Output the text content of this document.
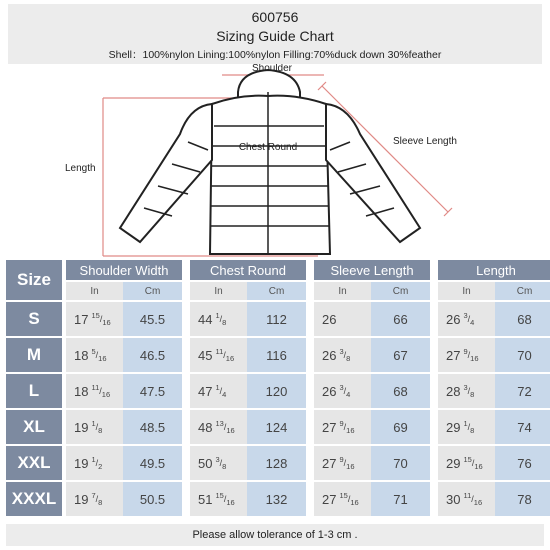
600756
Sizing Guide Chart
Shell：100%nylon Lining:100%nylon Filling:70%duck down 30%feather
Shoulder
Chest Round
Sleeve Length
Length
Size	Shoulder Width
In	Cm
Chest Round
In	Cm
Sleeve Length
In	Cm
Length
In	Cm
S	17 $^{15}/_{16}$	45.5	44 $^1/_8$	112	26	66	26 $^3/_4$	68
M	18 $^5/_{16}$	46.5	45 $^{11}/_{16}$	116	26 $^3/_8$	67	27 $^9/_{16}$	70
L	18 $^{11}/_{16}$	47.5	47 $^1/_4$	120	26 $^3/_4$	68	28 $^3/_8$	72
XL	19 $^1/_8$	48.5	48 $^{13}/_{16}$	124	27 $^9/_{16}$	69	29 $^1/_8$	74
XXL	19 $^1/_2$	49.5	50 $^3/_8$	128	27 $^9/_{16}$	70	29 $^{15}/_{16}$	76
XXXL	19 $^7/_8$	50.5	51 $^{15}/_{16}$	132	27 $^{15}/_{16}$	71	30 $^{11}/_{16}$	78
Please allow tolerance of 1-3 cm .
